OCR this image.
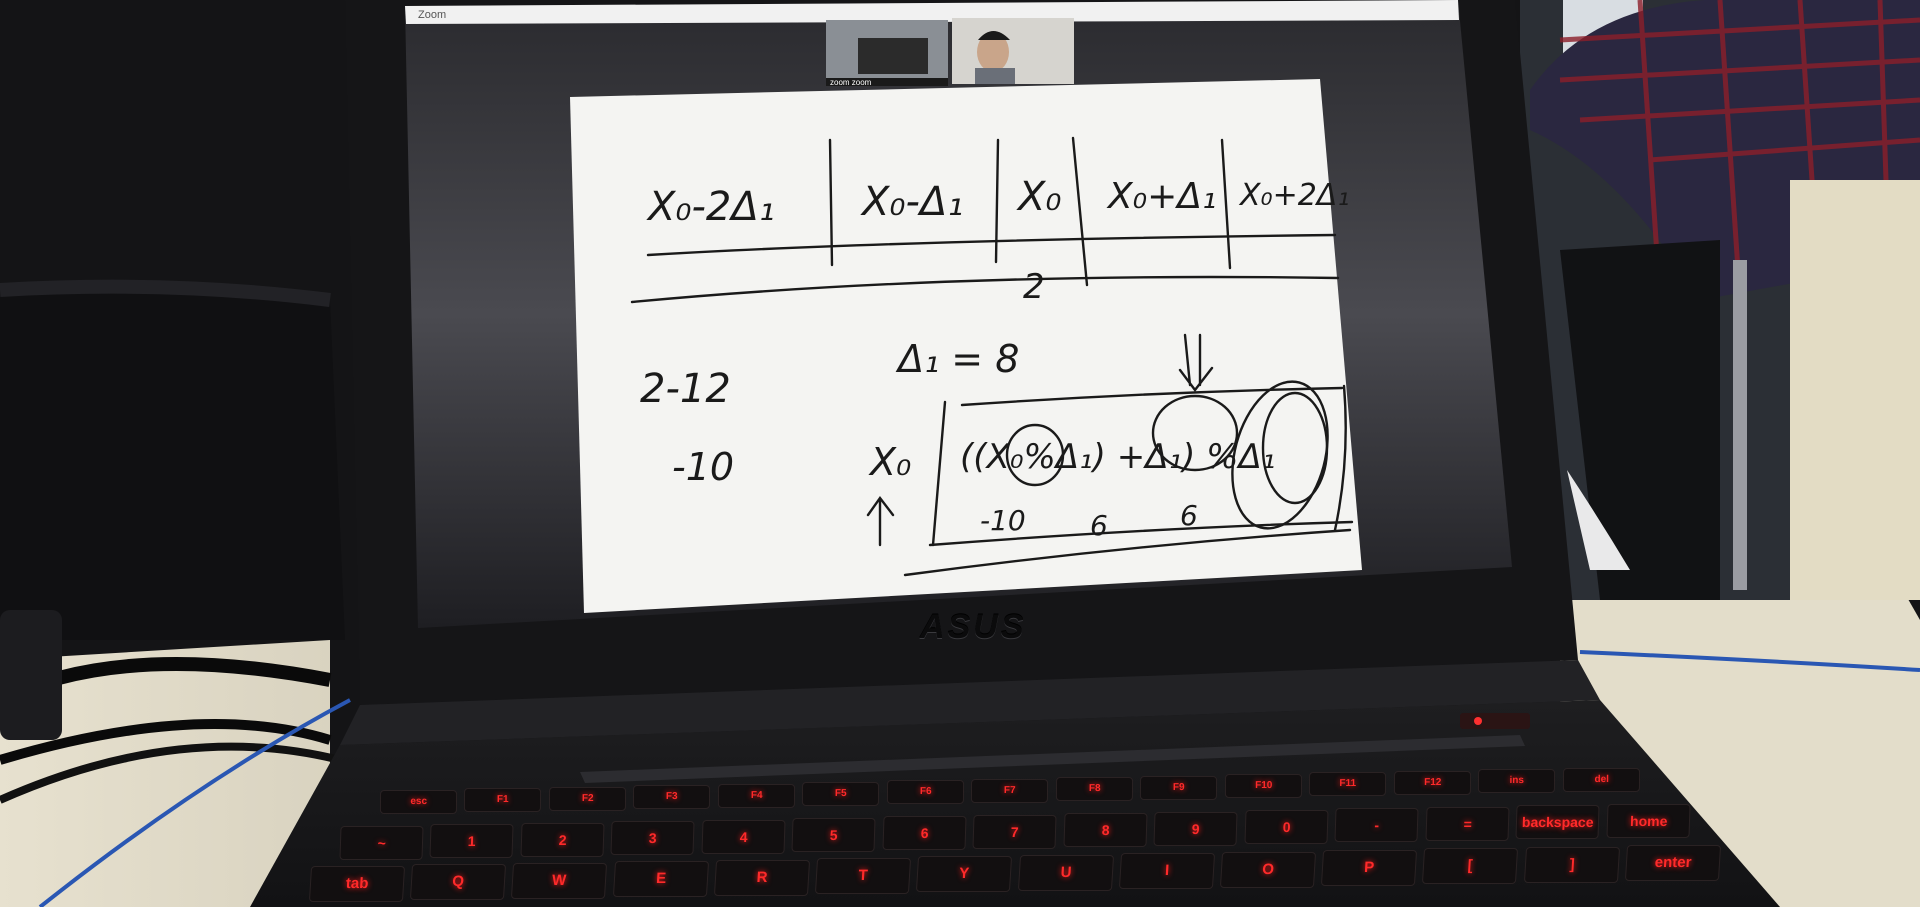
Zoom
zoom zoom
ASUS
X₀-2Δ₁ X₀-Δ₁ X₀ X₀+Δ₁ X₀+2Δ₁
2
2-12
-10
Δ₁ = 8
X₀ ((X₀%Δ₁) +Δ₁) %Δ₁
-10 6	6
esc	F1	F2	F3	F4	F5	F6	F7	F8	F9	F10	F11	F12	ins	del
~	1	2	3	4	5	6	7	8	9	0	-	=	backspace	home
tab	Q	W	E	R	T	Y	U	I	O	P	[	]	enter
